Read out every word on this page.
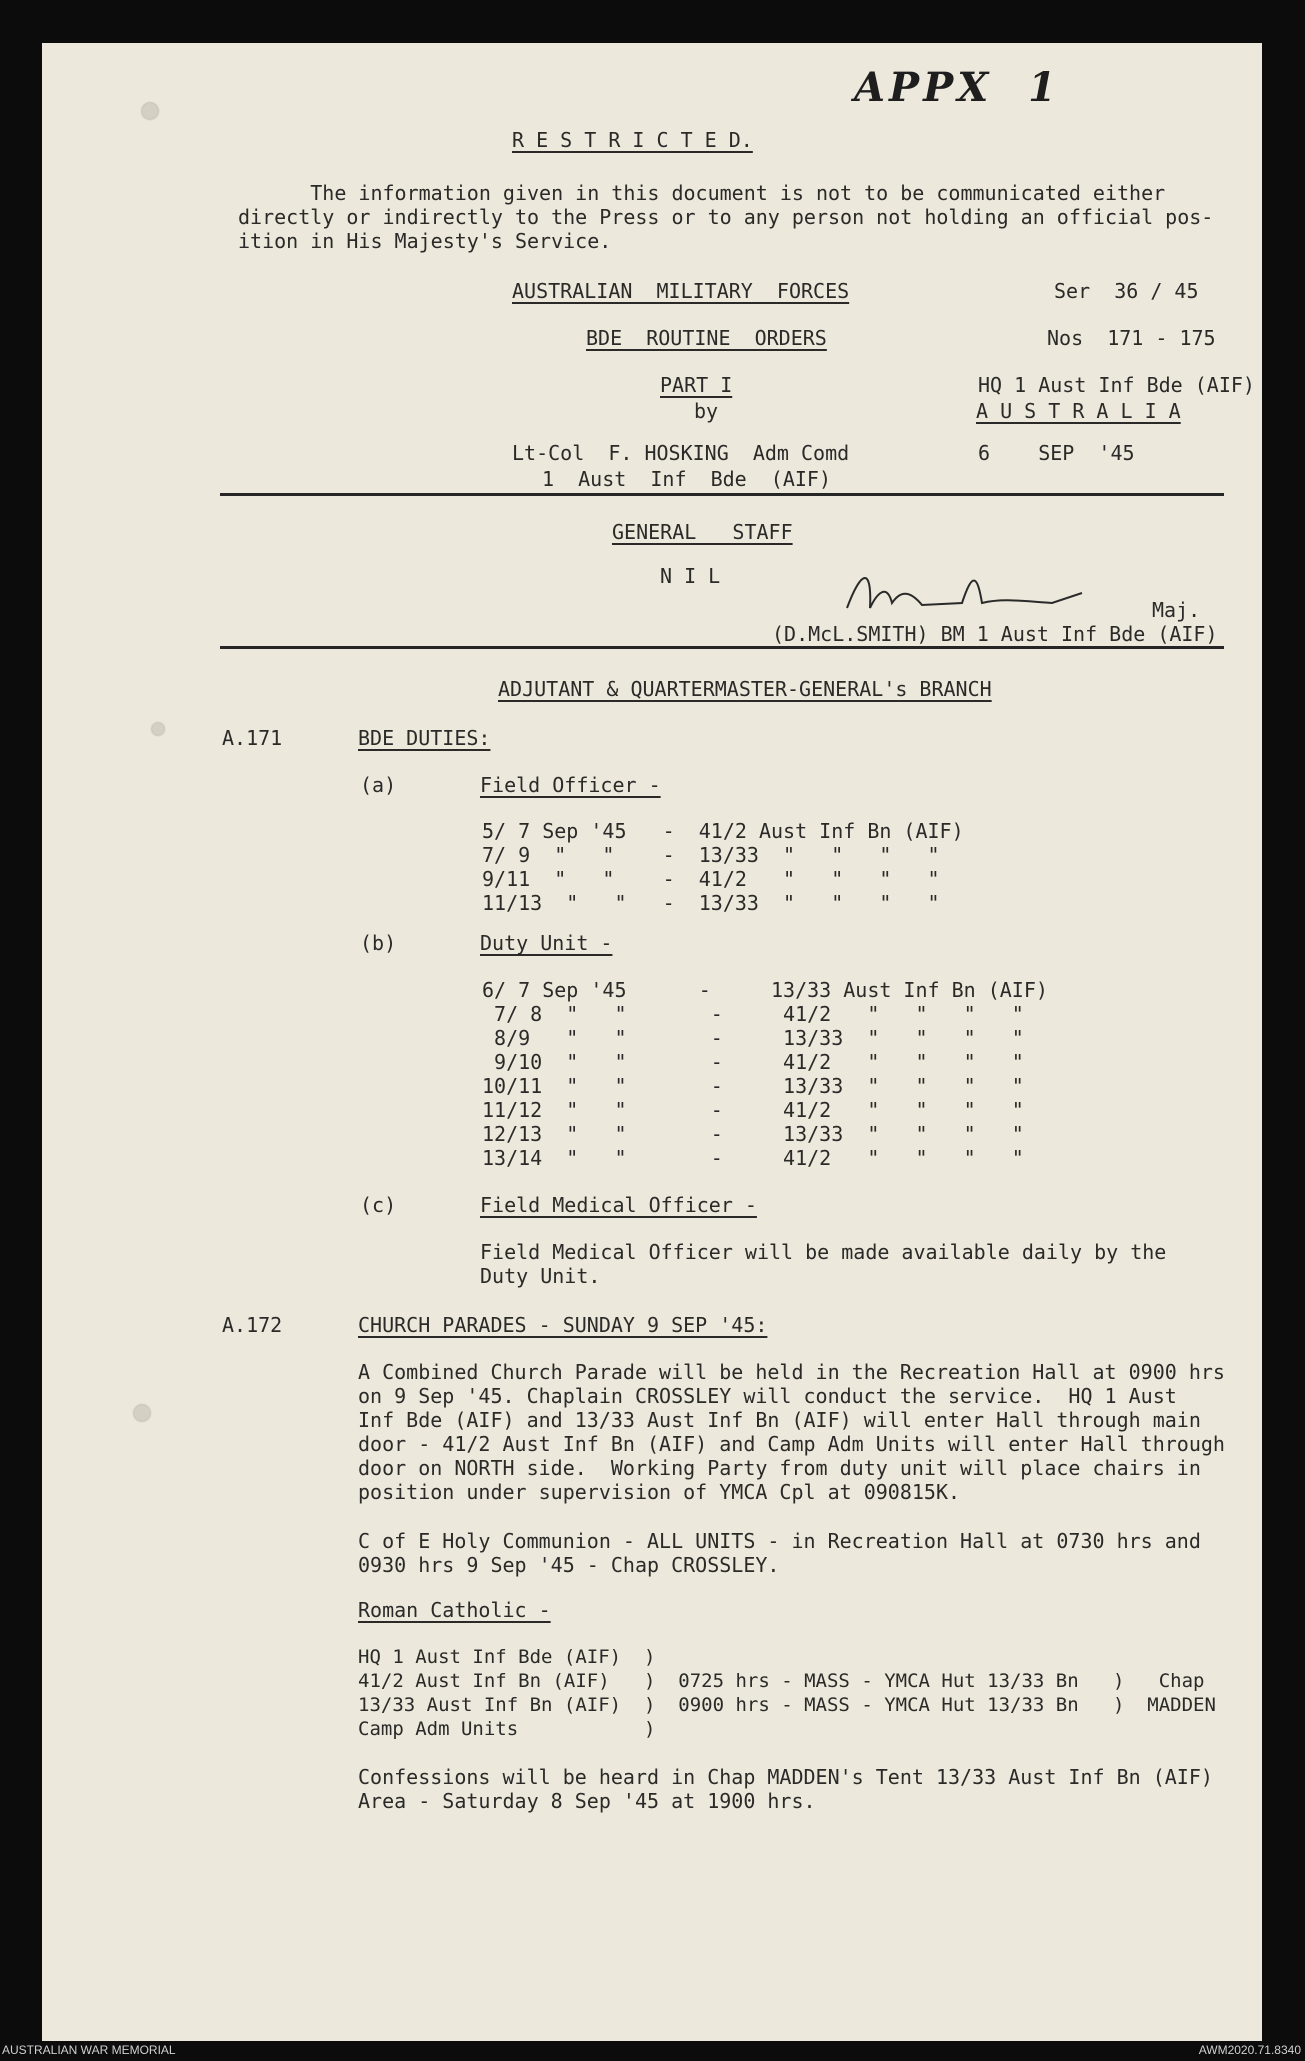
APPX  1
R E S T R I C T E D.
The information given in this document is not to be communicated either
directly or indirectly to the Press or to any person not holding an official pos-
ition in His Majesty's Service.
AUSTRALIAN  MILITARY  FORCES	Ser  36 / 45
BDE  ROUTINE  ORDERS	Nos  171 - 175
PART I	HQ 1 Aust Inf Bde (AIF)
by	A U S T R A L I A
Lt-Col  F. HOSKING  Adm Comd	6    SEP  '45
1  Aust  Inf  Bde  (AIF)
GENERAL   STAFF
N I L
Maj.
(D.McL.SMITH) BM 1 Aust Inf Bde (AIF)
ADJUTANT & QUARTERMASTER-GENERAL's BRANCH
A.171	BDE DUTIES:
(a)	Field Officer -
5/ 7 Sep '45   -  41/2 Aust Inf Bn (AIF)
7/ 9  "   "    -  13/33  "   "   "   "
9/11  "   "    -  41/2   "   "   "   "
11/13  "   "   -  13/33  "   "   "   "
(b)	Duty Unit -
6/ 7 Sep '45      -     13/33 Aust Inf Bn (AIF)
7/ 8  "   "       -     41/2   "   "   "   "
8/9   "   "       -     13/33  "   "   "   "
9/10  "   "       -     41/2   "   "   "   "
10/11  "   "       -     13/33  "   "   "   "
11/12  "   "       -     41/2   "   "   "   "
12/13  "   "       -     13/33  "   "   "   "
13/14  "   "       -     41/2   "   "   "   "
(c)	Field Medical Officer -
Field Medical Officer will be made available daily by the
Duty Unit.
A.172	CHURCH PARADES - SUNDAY 9 SEP '45:
A Combined Church Parade will be held in the Recreation Hall at 0900 hrs
on 9 Sep '45. Chaplain CROSSLEY will conduct the service.  HQ 1 Aust
Inf Bde (AIF) and 13/33 Aust Inf Bn (AIF) will enter Hall through main
door - 41/2 Aust Inf Bn (AIF) and Camp Adm Units will enter Hall through
door on NORTH side.  Working Party from duty unit will place chairs in
position under supervision of YMCA Cpl at 090815K.
C of E Holy Communion - ALL UNITS - in Recreation Hall at 0730 hrs and
0930 hrs 9 Sep '45 - Chap CROSSLEY.
Roman Catholic -
HQ 1 Aust Inf Bde (AIF)  )
41/2 Aust Inf Bn (AIF)   )  0725 hrs - MASS - YMCA Hut 13/33 Bn   )   Chap
13/33 Aust Inf Bn (AIF)  )  0900 hrs - MASS - YMCA Hut 13/33 Bn   )  MADDEN
Camp Adm Units           )
Confessions will be heard in Chap MADDEN's Tent 13/33 Aust Inf Bn (AIF)
Area - Saturday 8 Sep '45 at 1900 hrs.
AUSTRALIAN WAR MEMORIAL	AWM2020.71.8340
